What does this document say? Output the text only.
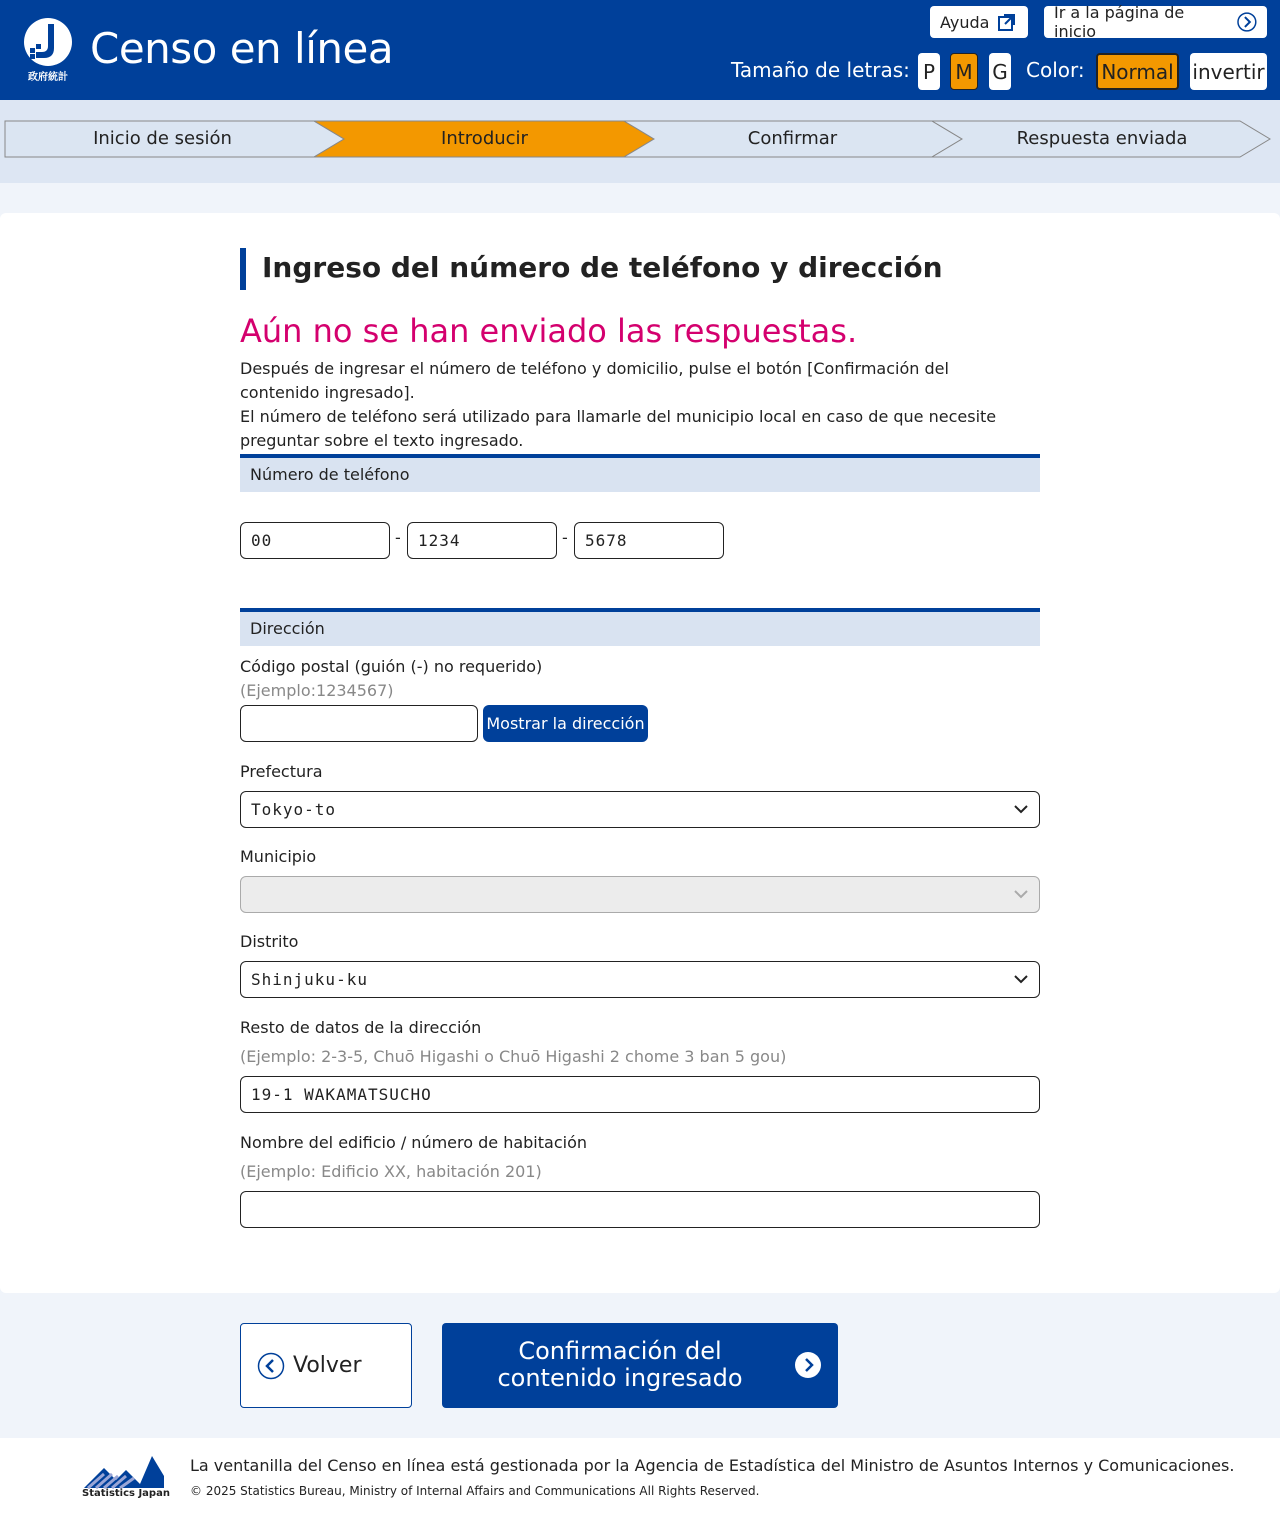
政府統計
Censo en línea
Ayuda	Ir a la página de inicio
Tamaño de letras: P M G Color: Normal invertir
Inicio de sesión	Introducir	Confirmar	Respuesta enviada
Ingreso del número de teléfono y dirección
Aún no se han enviado las respuestas.
Después de ingresar el número de teléfono y domicilio, pulse el botón [Confirmación del contenido ingresado].
El número de teléfono será utilizado para llamarle del municipio local en caso de que necesite preguntar sobre el texto ingresado.
Número de teléfono
00
-
1234	-
5678
Dirección
Código postal (guión (-) no requerido)
(Ejemplo:1234567)
Mostrar la dirección
Prefectura
Tokyo-to
Municipio
Distrito
Shinjuku-ku
Resto de datos de la dirección
(Ejemplo: 2-3-5, Chuō Higashi o Chuō Higashi 2 chome 3 ban 5 gou)
19-1 WAKAMATSUCHO
Nombre del edificio / número de habitación
(Ejemplo: Edificio XX, habitación 201)
Volver
Confirmación del
contenido ingresado
Statistics Japan
La ventanilla del Censo en línea está gestionada por la Agencia de Estadística del Ministro de Asuntos Internos y Comunicaciones.
© 2025 Statistics Bureau, Ministry of Internal Affairs and Communications All Rights Reserved.
